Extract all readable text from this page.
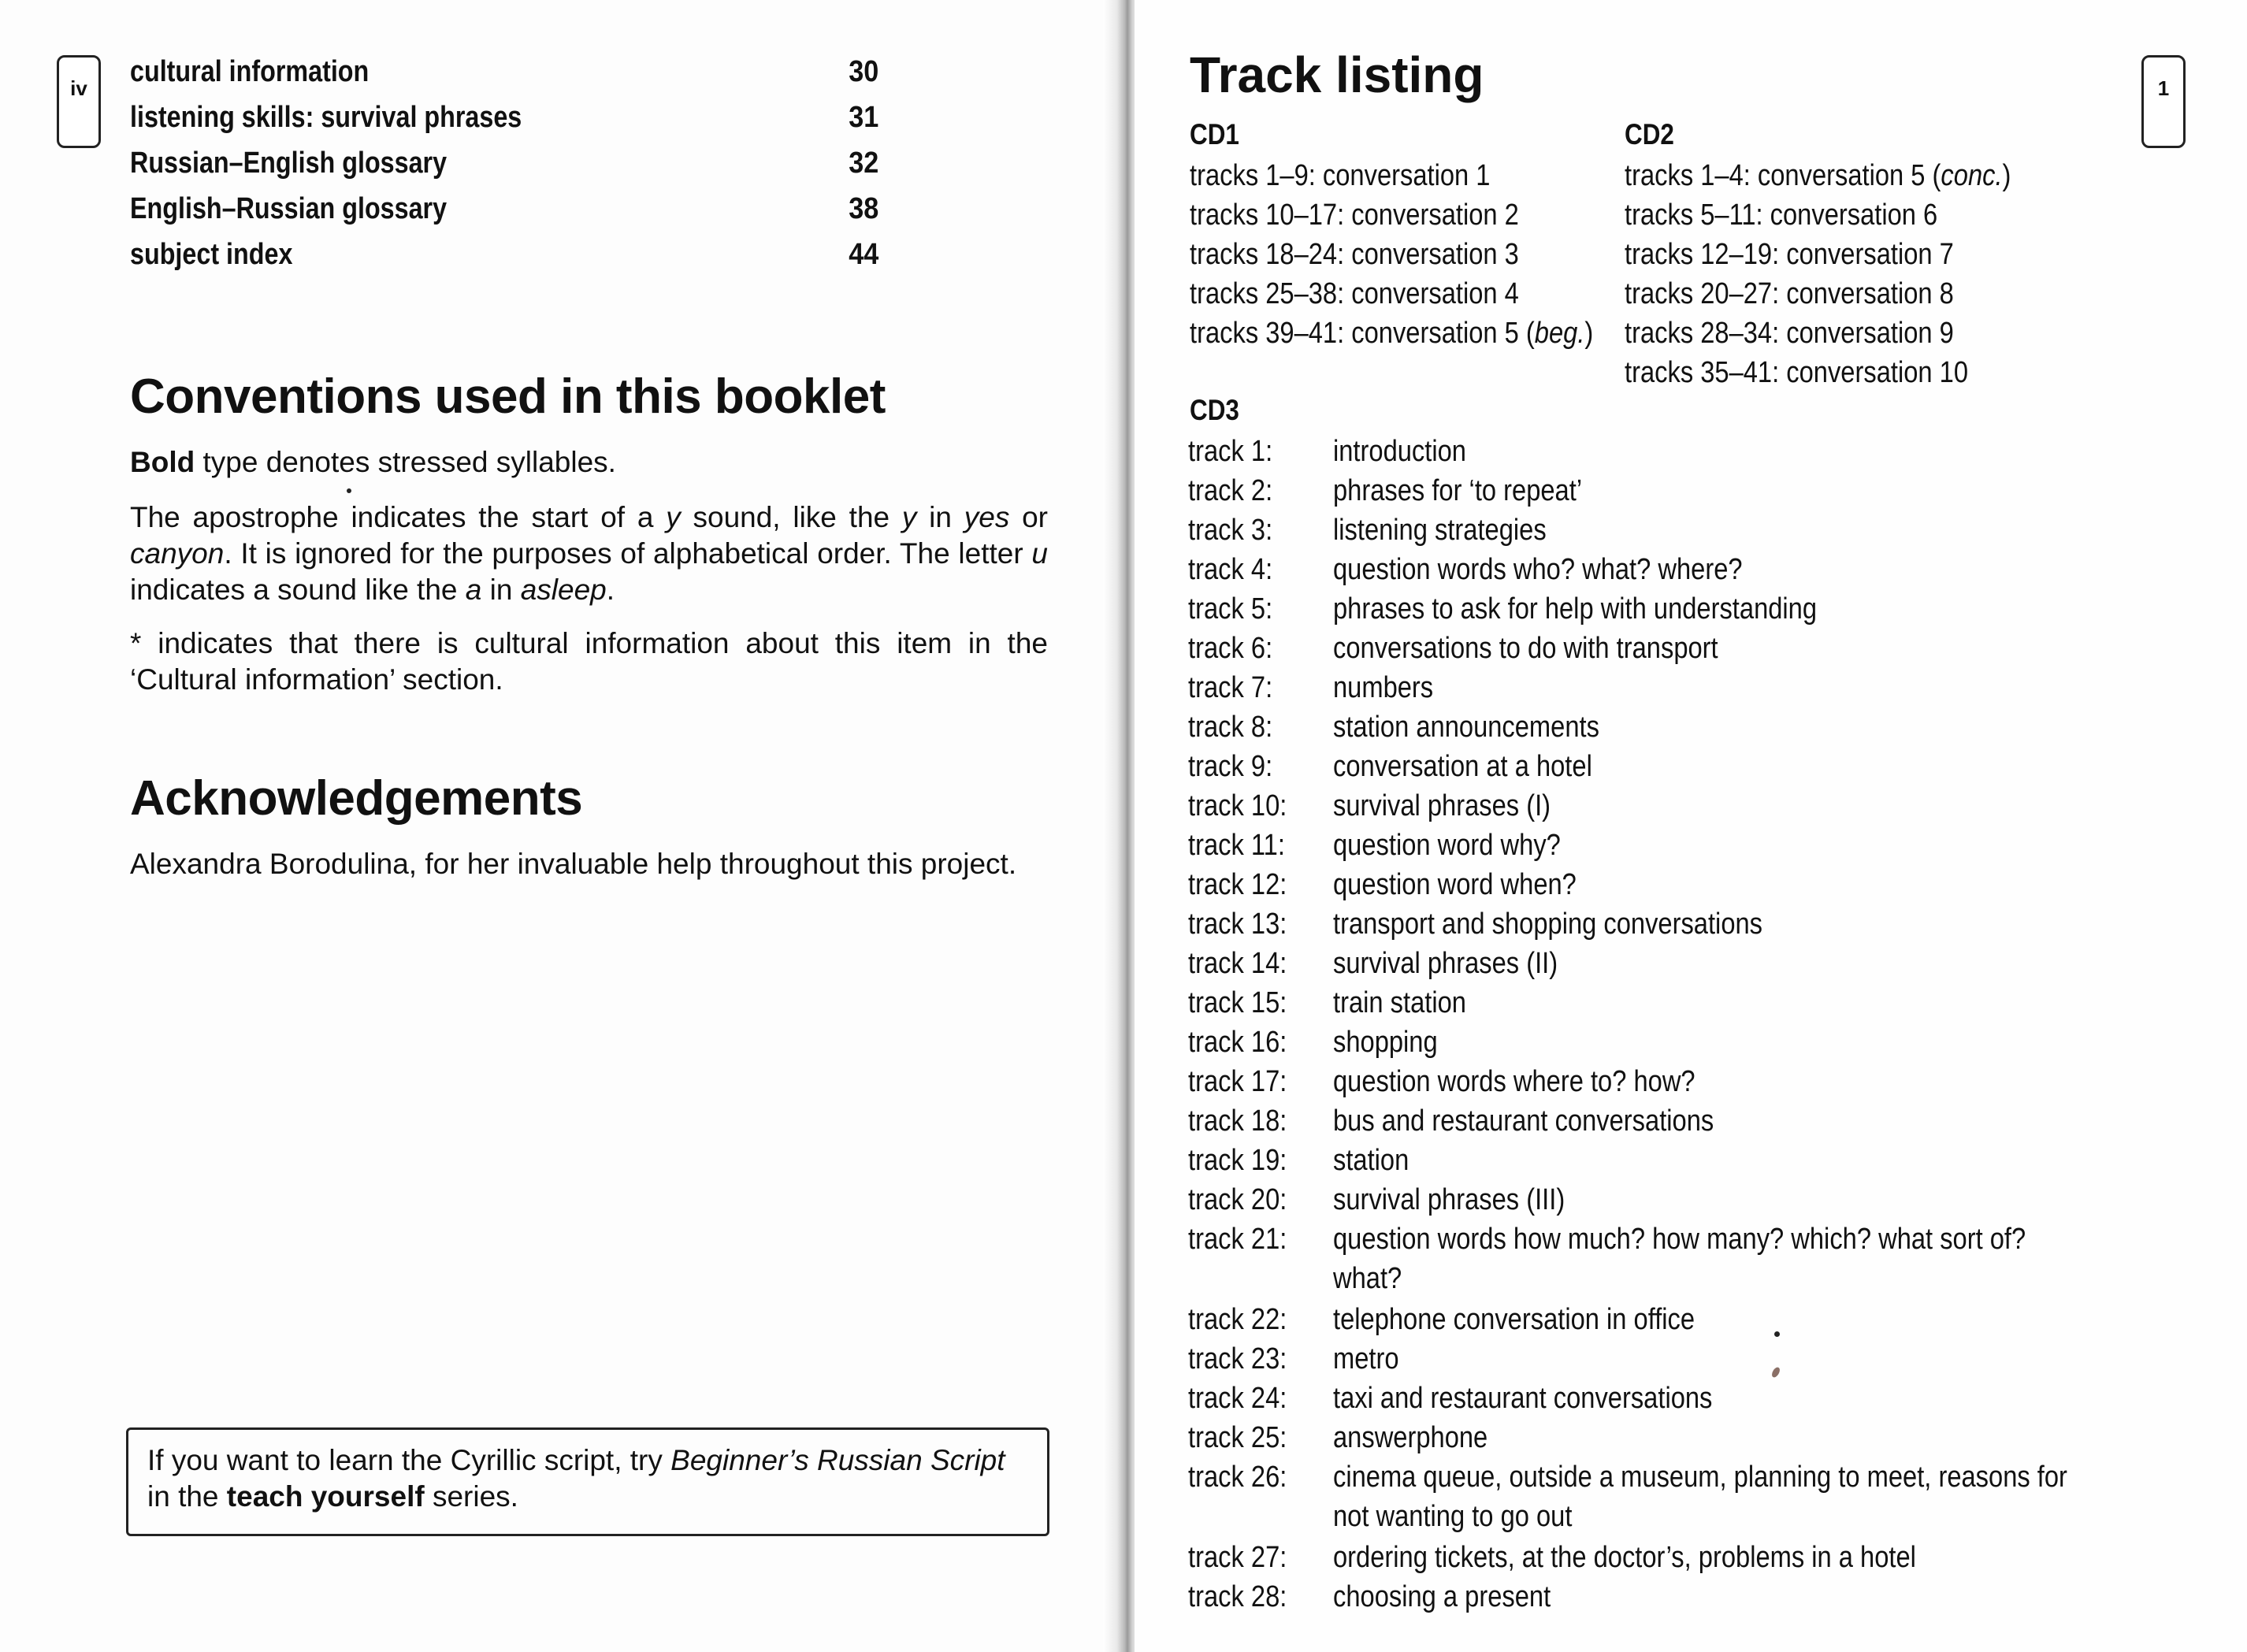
iv
cultural information	30
listening skills: survival phrases	31
Russian–English glossary	32
English–Russian glossary	38
subject index	44
Conventions used in this booklet

Bold type denotes stressed syllables.

The apostrophe indicates the start of a y sound, like the y in yes or canyon. It is ignored for the purposes of alphabetical order. The letter u indicates a sound like the a in asleep.

* indicates that there is cultural information about this item in the ‘Cultural information’ section.

Acknowledgements

Alexandra Borodulina, for her invaluable help throughout this project.

If you want to learn the Cyrillic script, try Beginner’s Russian Script
in the teach yourself series.
1
Track listing
CD1
tracks 1–9: conversation 1
tracks 10–17: conversation 2
tracks 18–24: conversation 3
tracks 25–38: conversation 4
tracks 39–41: conversation 5 (beg.)
CD2
tracks 1–4: conversation 5 (conc.)
tracks 5–11: conversation 6
tracks 12–19: conversation 7
tracks 20–27: conversation 8
tracks 28–34: conversation 9
tracks 35–41: conversation 10
CD3
track 1:	introduction
track 2:	phrases for ‘to repeat’
track 3:	listening strategies
track 4:	question words who? what? where?
track 5:	phrases to ask for help with understanding
track 6:	conversations to do with transport
track 7:	numbers
track 8:	station announcements
track 9:	conversation at a hotel
track 10:	survival phrases (I)
track 11:	question word why?
track 12:	question word when?
track 13:	transport and shopping conversations
track 14:	survival phrases (II)
track 15:	train station
track 16:	shopping
track 17:	question words where to? how?
track 18:	bus and restaurant conversations
track 19:	station
track 20:	survival phrases (III)
track 21:	question words how much? how many? which? what sort of? what?
track 22:	telephone conversation in office
track 23:	metro
track 24:	taxi and restaurant conversations
track 25:	answerphone
track 26:	cinema queue, outside a museum, planning to meet, reasons for not wanting to go out
track 27:	ordering tickets, at the doctor’s, problems in a hotel
track 28:	choosing a present
